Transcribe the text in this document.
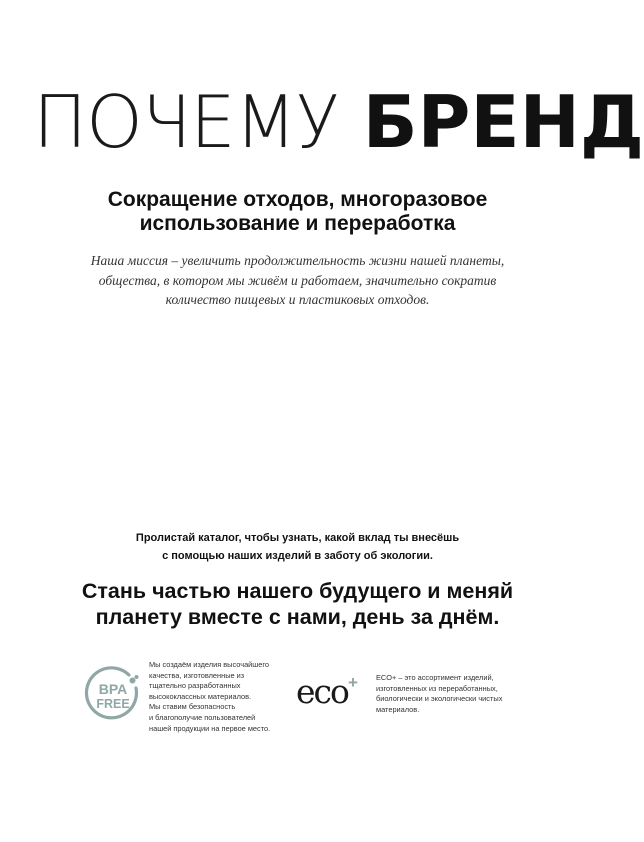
ПОЧЕМУ БРЕНД
Сокращение отходов, многоразовое
использование и переработка

Наша миссия – увеличить продолжительность жизни нашей планеты,
общества, в котором мы живём и работаем, значительно сократив
количество пищевых и пластиковых отходов.

Пролистай каталог, чтобы узнать, какой вклад ты внесёшь
с помощью наших изделий в заботу об экологии.

Стань частью нашего будущего и меняй
планету вместе с нами, день за днём.

BPA
FREE

Мы создаём изделия высочайшего
качества, изготовленные из
тщательно разработанных
высококлассных материалов.
Мы ставим безопасность
и благополучие пользователей
нашей продукции на первое место.

eco + ECO+ – это ассортимент изделий,
изготовленных из переработанных,
биологически и экологически чистых
материалов.
